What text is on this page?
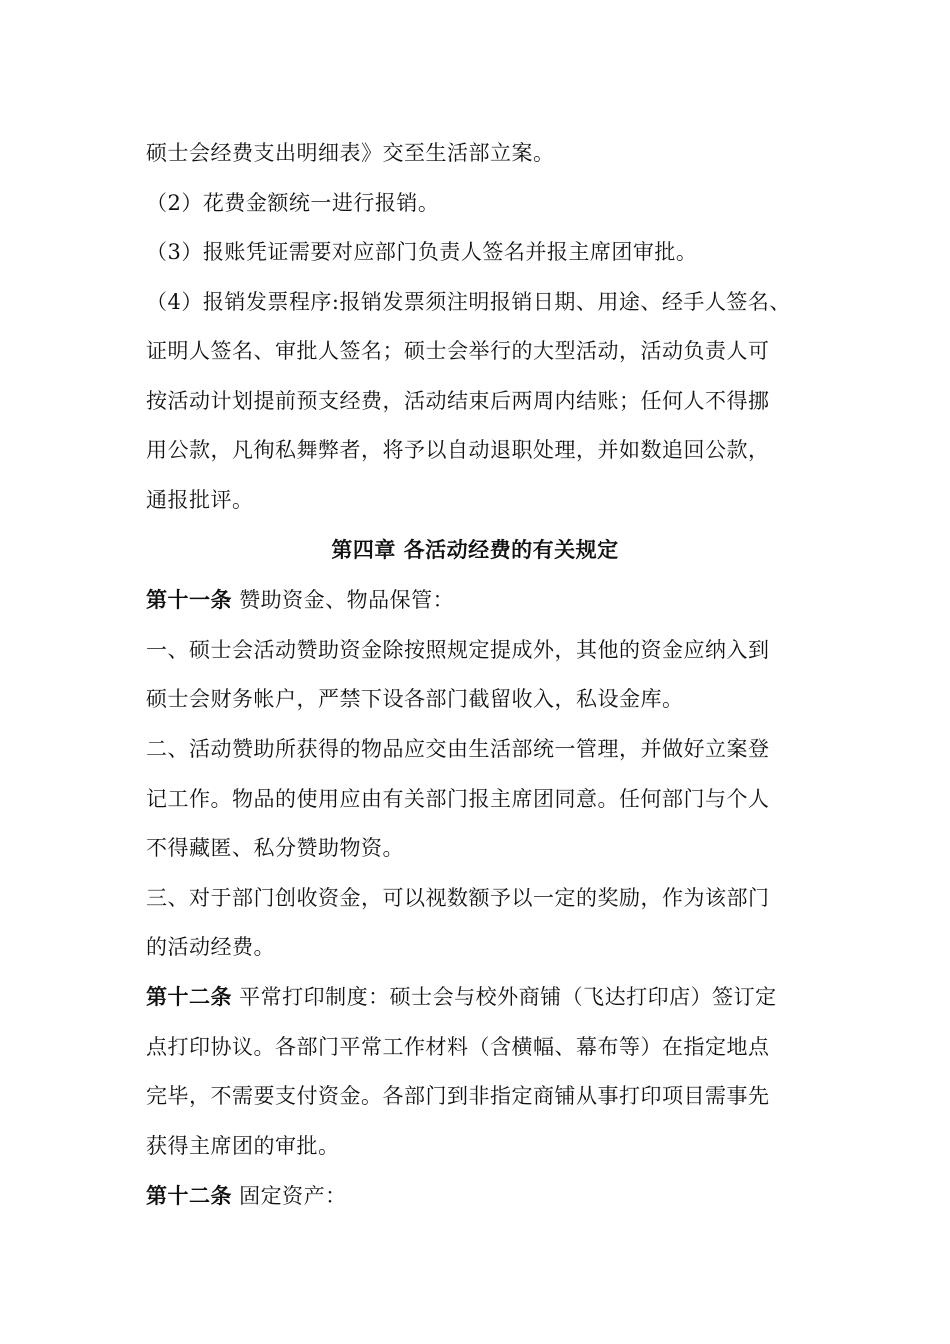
硕士会经费支出明细表》交至生活部立案。
（2）花费金额统一进行报销。
（3）报账凭证需要对应部门负责人签名并报主席团审批。
（4）报销发票程序:报销发票须注明报销日期、用途、经手人签名、
证明人签名、审批人签名；硕士会举行的大型活动，活动负责人可
按活动计划提前预支经费，活动结束后两周内结账；任何人不得挪
用公款，凡徇私舞弊者，将予以自动退职处理，并如数追回公款，
通报批评。
第四章 各活动经费的有关规定
第十一条 赞助资金、物品保管：
一、硕士会活动赞助资金除按照规定提成外，其他的资金应纳入到
硕士会财务帐户，严禁下设各部门截留收入，私设金库。
二、活动赞助所获得的物品应交由生活部统一管理，并做好立案登
记工作。物品的使用应由有关部门报主席团同意。任何部门与个人
不得藏匿、私分赞助物资。
三、对于部门创收资金，可以视数额予以一定的奖励，作为该部门
的活动经费。
第十二条 平常打印制度：硕士会与校外商铺（飞达打印店）签订定
点打印协议。各部门平常工作材料（含横幅、幕布等）在指定地点
完毕，不需要支付资金。各部门到非指定商铺从事打印项目需事先
获得主席团的审批。
第十二条 固定资产：
